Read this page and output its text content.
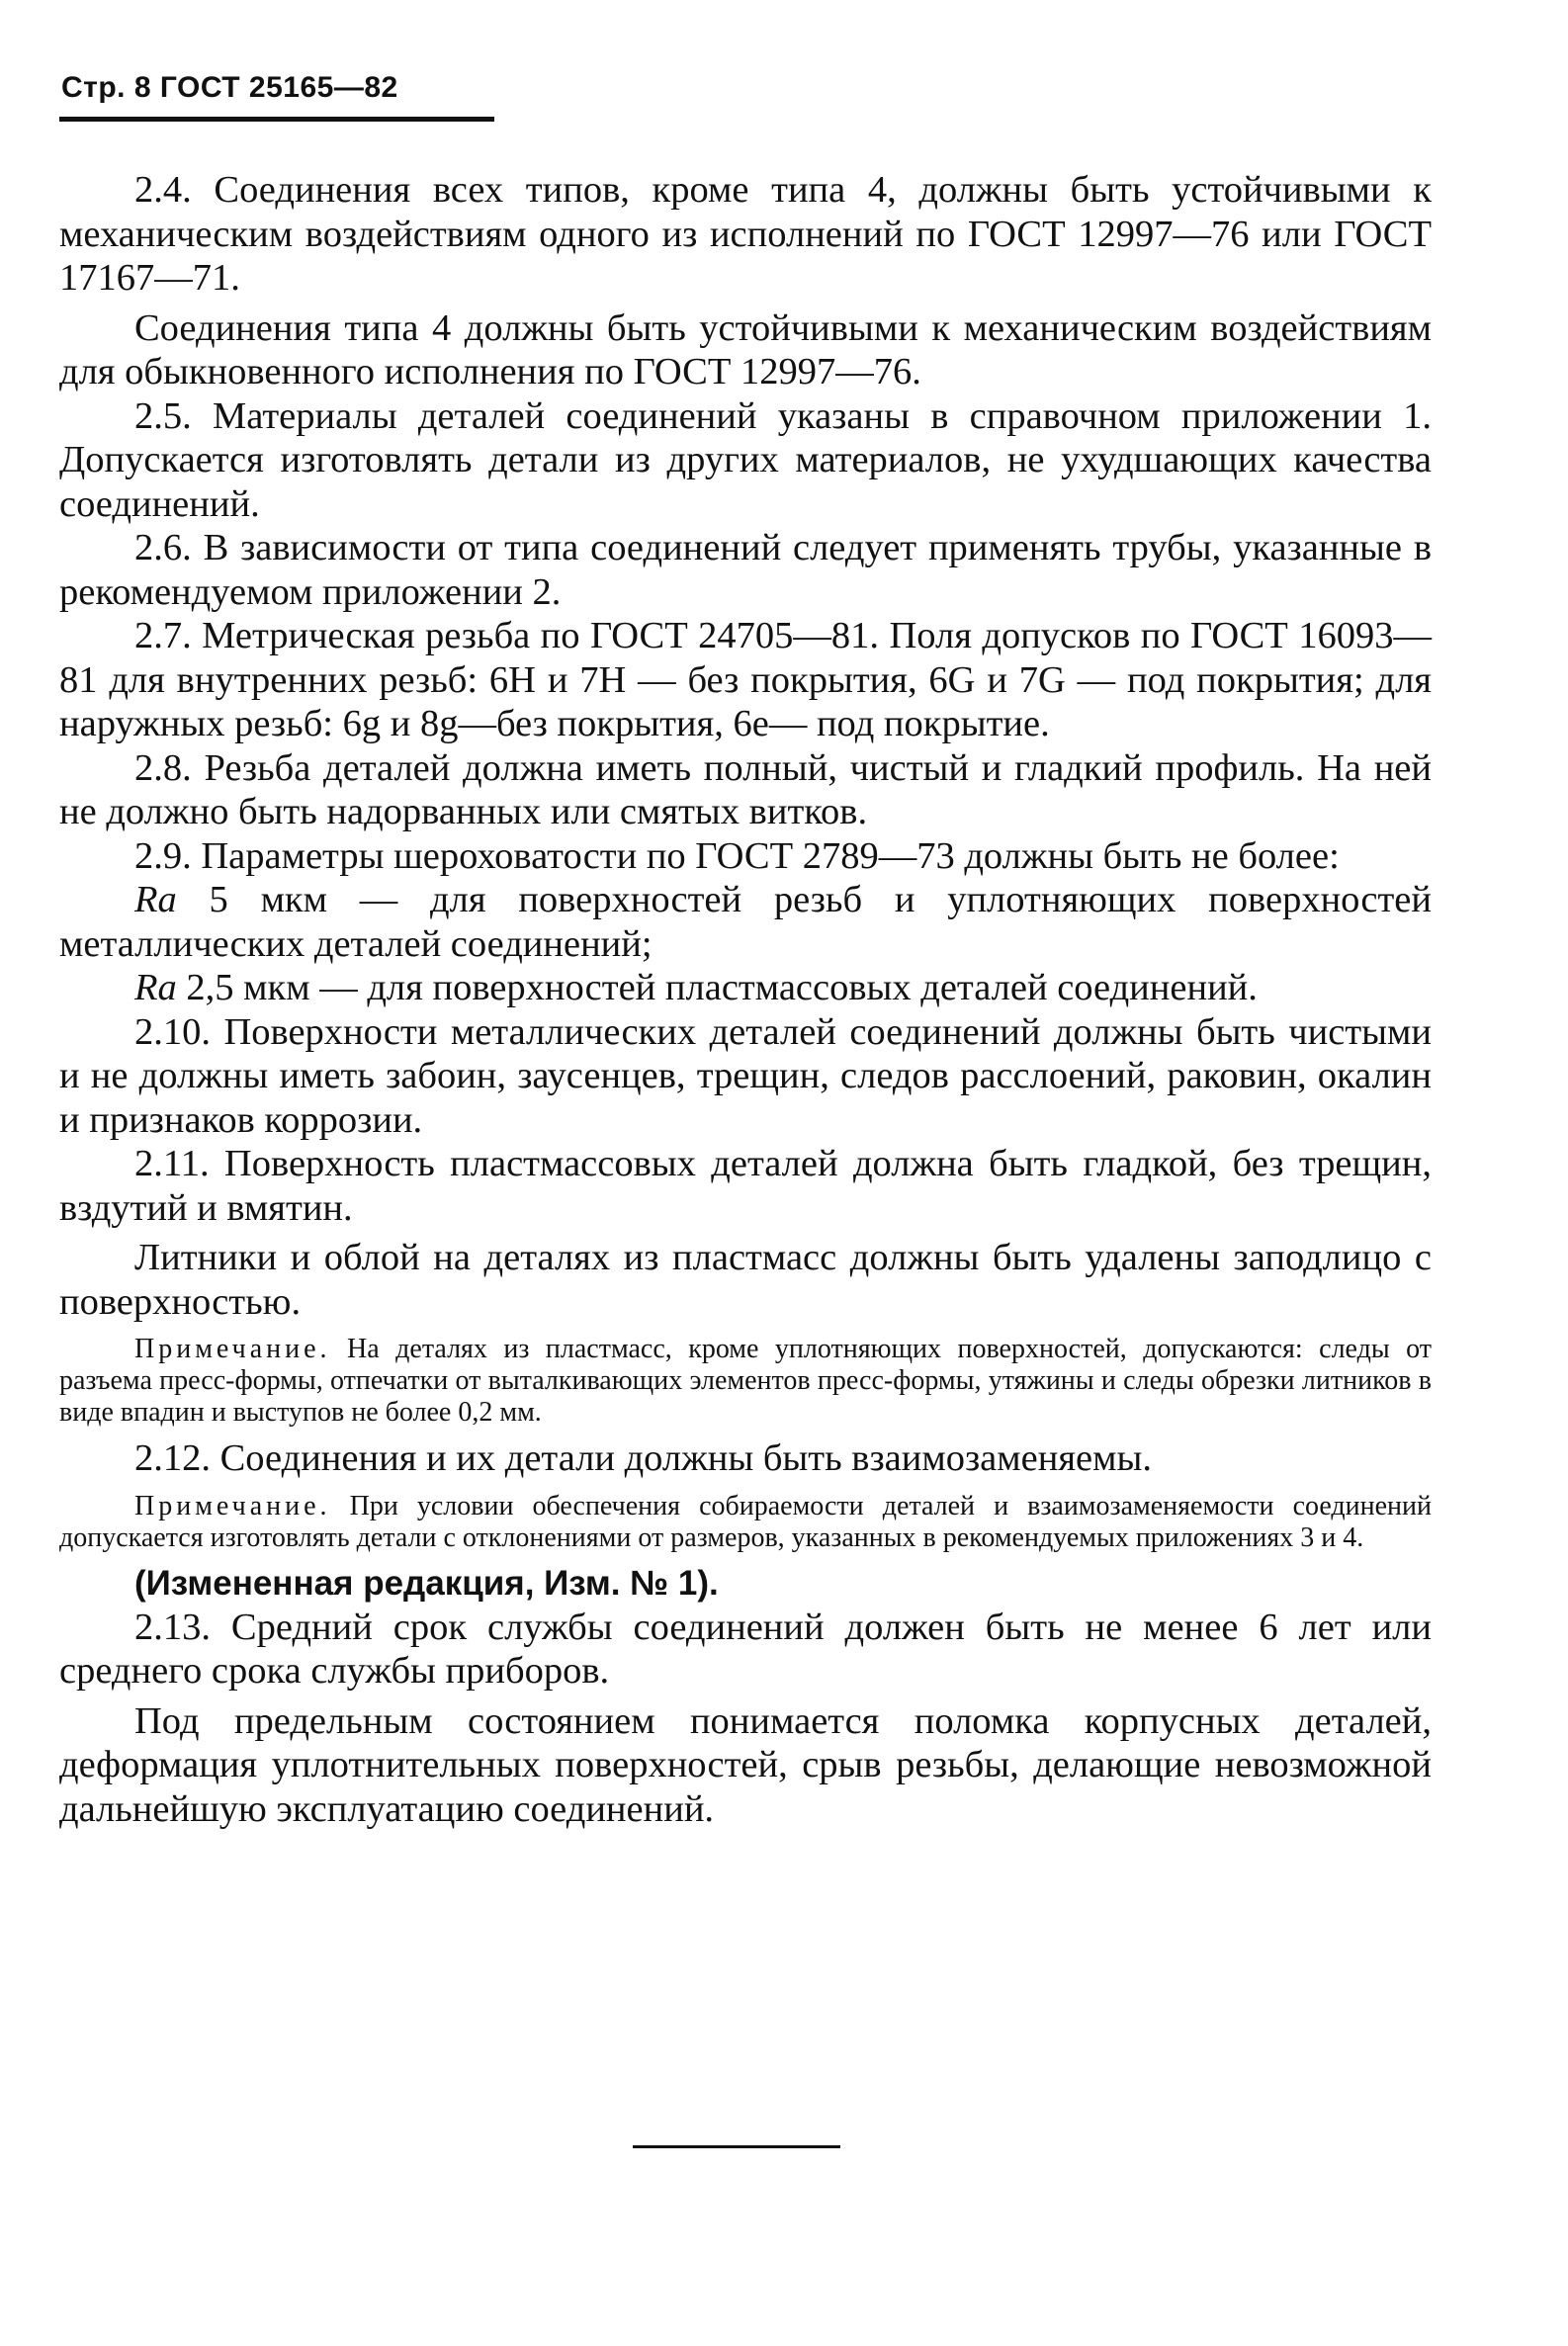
Стр. 8 ГОСТ 25165—82

2.4. Соединения всех типов, кроме типа 4, должны быть устойчивыми к механическим воздействиям одного из исполнений по ГОСТ 12997—76 или ГОСТ 17167—71.

Соединения типа 4 должны быть устойчивыми к механическим воздействиям для обыкновенного исполнения по ГОСТ 12997—76.

2.5. Материалы деталей соединений указаны в справочном приложении 1. Допускается изготовлять детали из других материалов, не ухудшающих качества соединений.

2.6. В зависимости от типа соединений следует применять трубы, указанные в рекомендуемом приложении 2.

2.7. Метрическая резьба по ГОСТ 24705—81. Поля допусков по ГОСТ 16093—81 для внутренних резьб: 6H и 7H — без покрытия, 6G и 7G — под покрытия; для наружных резьб: 6g и 8g—без покрытия, 6e— под покрытие.

2.8. Резьба деталей должна иметь полный, чистый и гладкий профиль. На ней не должно быть надорванных или смятых витков.

2.9. Параметры шероховатости по ГОСТ 2789—73 должны быть не более:

Ra 5 мкм — для поверхностей резьб и уплотняющих поверхностей металлических деталей соединений;

Ra 2,5 мкм — для поверхностей пластмассовых деталей соединений.

2.10. Поверхности металлических деталей соединений должны быть чистыми и не должны иметь забоин, заусенцев, трещин, следов расслоений, раковин, окалин и признаков коррозии.

2.11. Поверхность пластмассовых деталей должна быть гладкой, без трещин, вздутий и вмятин.

Литники и облой на деталях из пластмасс должны быть удалены заподлицо с поверхностью.

Примечание. На деталях из пластмасс, кроме уплотняющих поверхностей, допускаются: следы от разъема пресс-формы, отпечатки от выталкивающих элементов пресс-формы, утяжины и следы обрезки литников в виде впадин и выступов не более 0,2 мм.

2.12. Соединения и их детали должны быть взаимозаменяемы.

Примечание. При условии обеспечения собираемости деталей и взаимозаменяемости соединений допускается изготовлять детали с отклонениями от размеров, указанных в рекомендуемых приложениях 3 и 4.

(Измененная редакция, Изм. № 1).

2.13. Средний срок службы соединений должен быть не менее 6 лет или среднего срока службы приборов.

Под предельным состоянием понимается поломка корпусных деталей, деформация уплотнительных поверхностей, срыв резьбы, делающие невозможной дальнейшую эксплуатацию соединений.
